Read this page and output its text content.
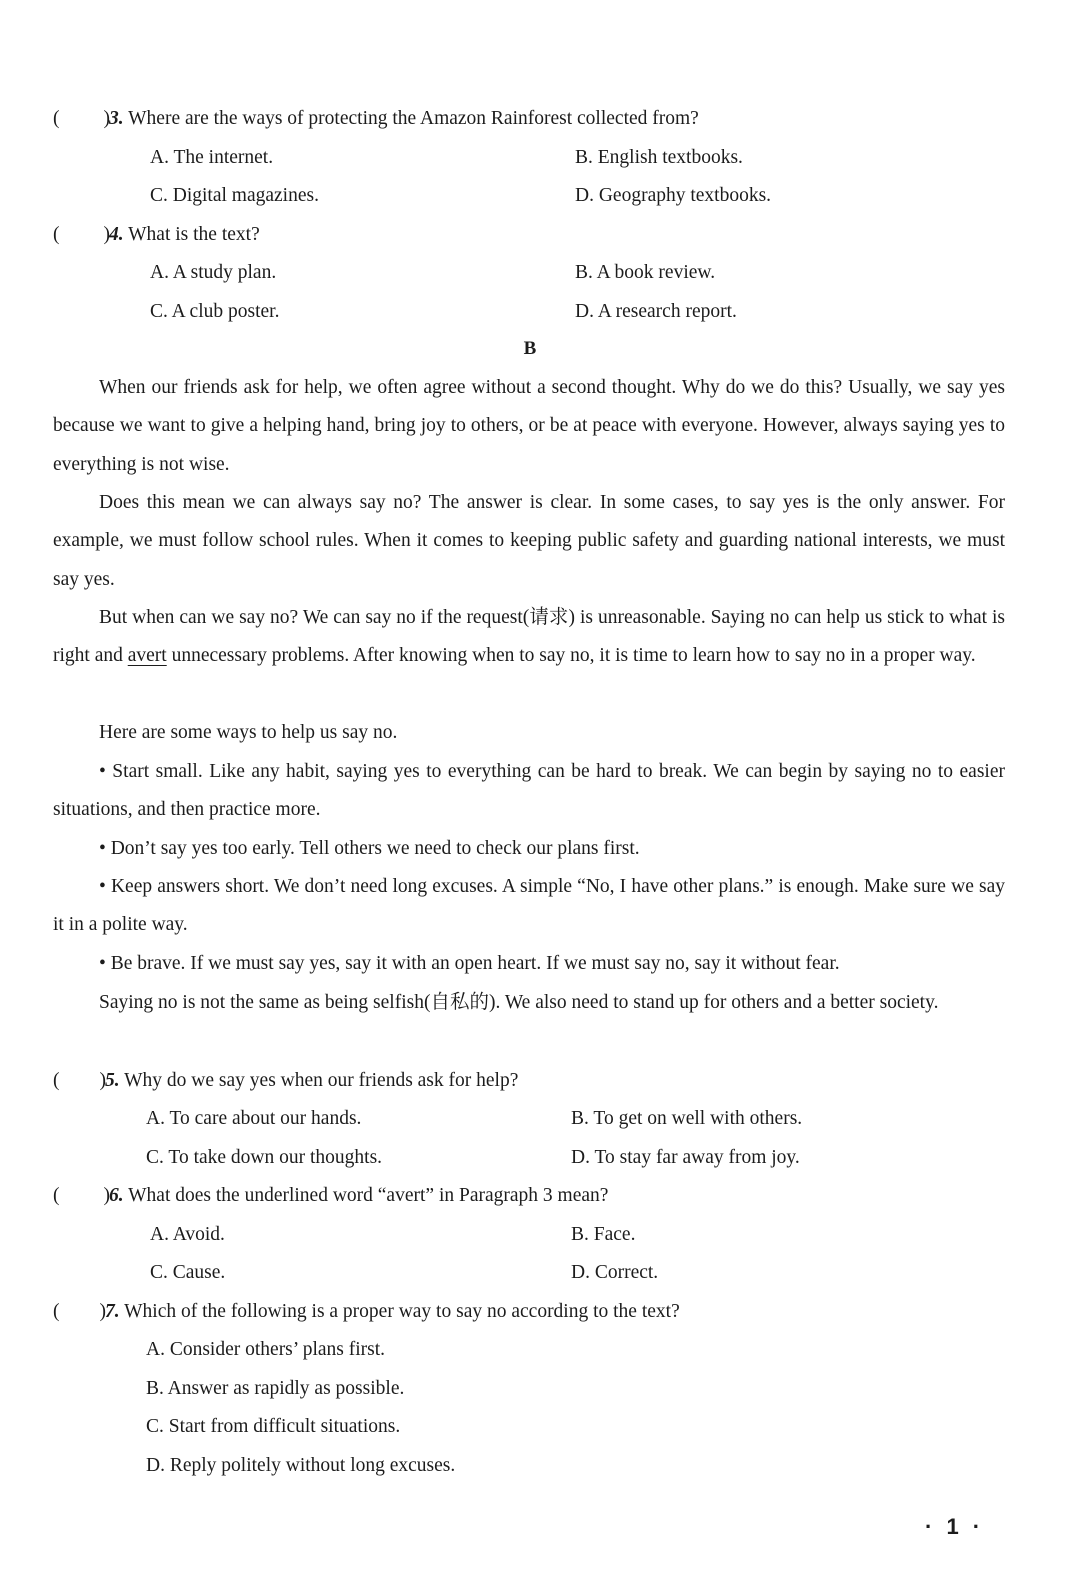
( )3. Where are the ways of protecting the Amazon Rainforest collected from?
A. The internet.	B. English textbooks.
C. Digital magazines.	D. Geography textbooks.
( )4. What is the text?
A. A study plan.	B. A book review.
C. A club poster.	D. A research report.
B
When our friends ask for help, we often agree without a second thought. Why do we do this? Usually, we say yes because we want to give a helping hand, bring joy to others, or be at peace with everyone. However, always saying yes to everything is not wise.
Does this mean we can always say no? The answer is clear. In some cases, to say yes is the only answer. For example, we must follow school rules. When it comes to keeping public safety and guarding national interests, we must say yes.
But when can we say no? We can say no if the request(请求) is unreasonable. Saying no can help us stick to what is right and avert unnecessary problems. After knowing when to say no, it is time to learn how to say no in a proper way.
Here are some ways to help us say no.
• Start small. Like any habit, saying yes to everything can be hard to break. We can begin by saying no to easier situations, and then practice more.
• Don’t say yes too early. Tell others we need to check our plans first.
• Keep answers short. We don’t need long excuses. A simple “No, I have other plans.” is enough. Make sure we say it in a polite way.
• Be brave. If we must say yes, say it with an open heart. If we must say no, say it without fear.
Saying no is not the same as being selfish(自私的). We also need to stand up for others and a better society.
( )5. Why do we say yes when our friends ask for help?
A. To care about our hands.	B. To get on well with others.
C. To take down our thoughts.	D. To stay far away from joy.
( )6. What does the underlined word “avert” in Paragraph 3 mean?
A. Avoid.	B. Face.
C. Cause.	D. Correct.
( )7. Which of the following is a proper way to say no according to the text?
A. Consider others’ plans first.
B. Answer as rapidly as possible.
C. Start from difficult situations.
D. Reply politely without long excuses.
· 1 ·
